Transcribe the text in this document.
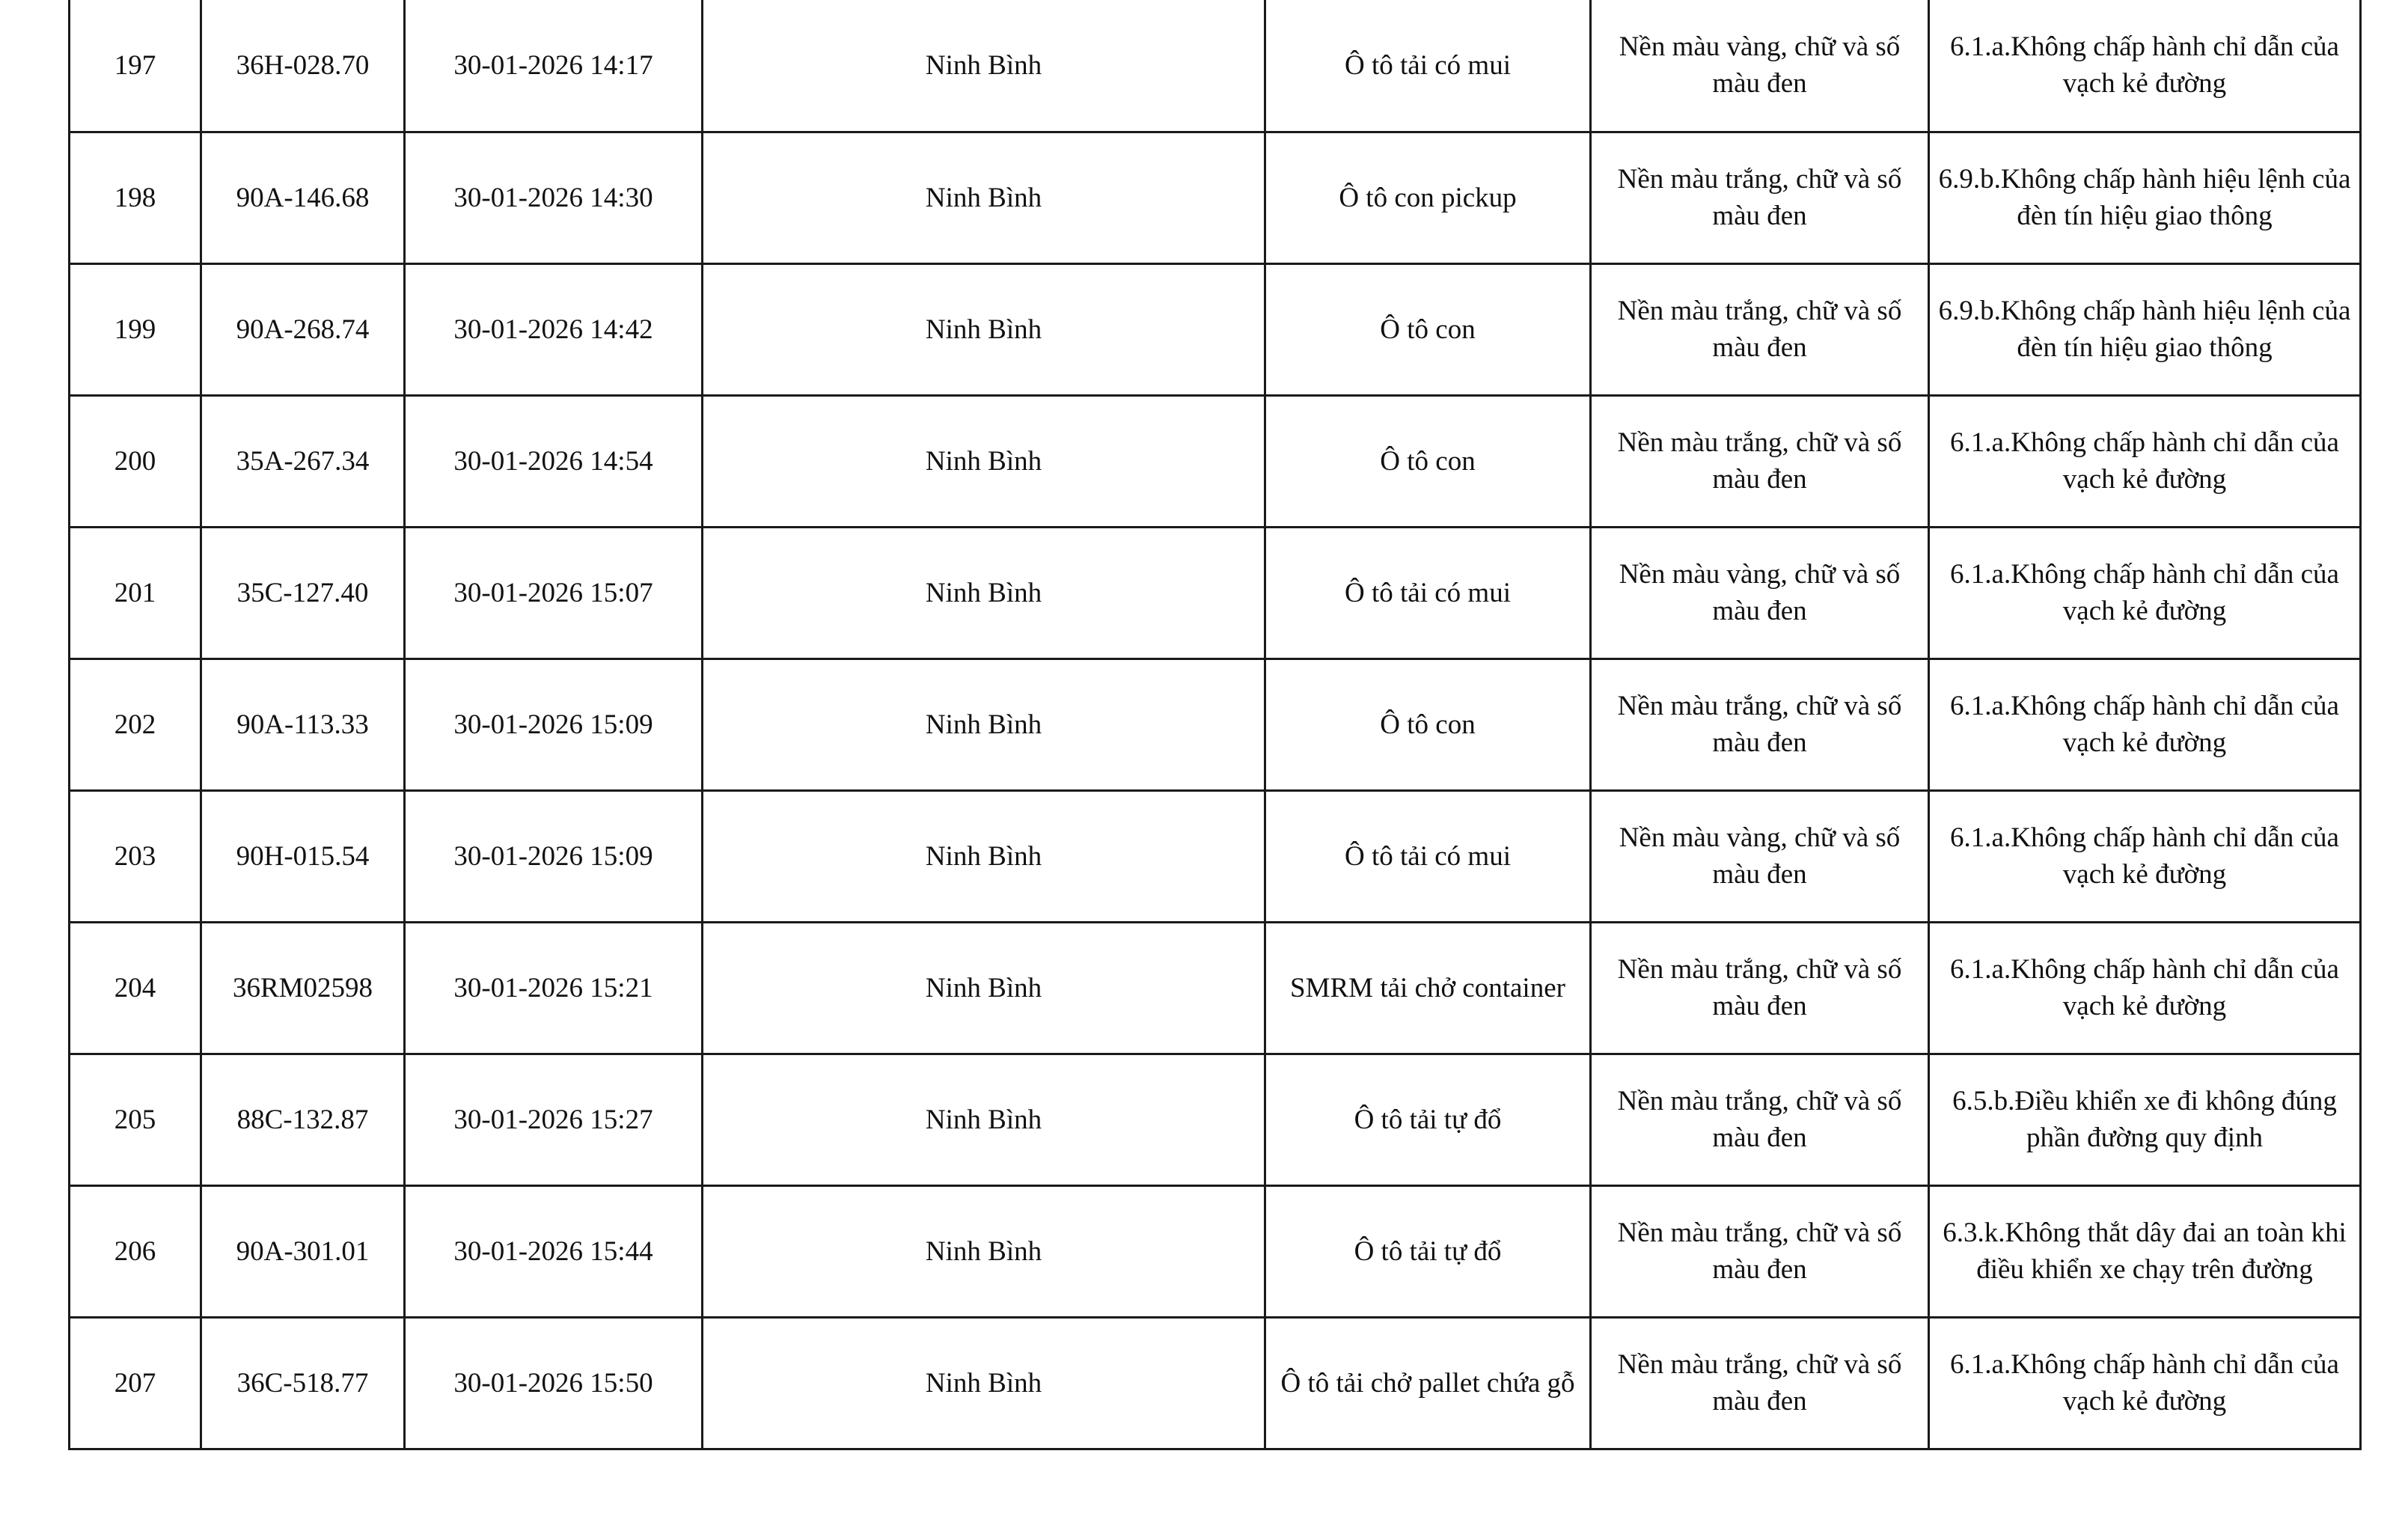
197	36H-028.70	30-01-2026 14:17	Ninh Bình	Ô tô tải có mui	Nền màu vàng, chữ và số màu đen	6.1.a.Không chấp hành chỉ dẫn của vạch kẻ đường
198	90A-146.68	30-01-2026 14:30	Ninh Bình	Ô tô con pickup	Nền màu trắng, chữ và số màu đen	6.9.b.Không chấp hành hiệu lệnh của đèn tín hiệu giao thông
199	90A-268.74	30-01-2026 14:42	Ninh Bình	Ô tô con	Nền màu trắng, chữ và số màu đen	6.9.b.Không chấp hành hiệu lệnh của đèn tín hiệu giao thông
200	35A-267.34	30-01-2026 14:54	Ninh Bình	Ô tô con	Nền màu trắng, chữ và số màu đen	6.1.a.Không chấp hành chỉ dẫn của vạch kẻ đường
201	35C-127.40	30-01-2026 15:07	Ninh Bình	Ô tô tải có mui	Nền màu vàng, chữ và số màu đen	6.1.a.Không chấp hành chỉ dẫn của vạch kẻ đường
202	90A-113.33	30-01-2026 15:09	Ninh Bình	Ô tô con	Nền màu trắng, chữ và số màu đen	6.1.a.Không chấp hành chỉ dẫn của vạch kẻ đường
203	90H-015.54	30-01-2026 15:09	Ninh Bình	Ô tô tải có mui	Nền màu vàng, chữ và số màu đen	6.1.a.Không chấp hành chỉ dẫn của vạch kẻ đường
204	36RM02598	30-01-2026 15:21	Ninh Bình	SMRM tải chở container	Nền màu trắng, chữ và số màu đen	6.1.a.Không chấp hành chỉ dẫn của vạch kẻ đường
205	88C-132.87	30-01-2026 15:27	Ninh Bình	Ô tô tải tự đổ	Nền màu trắng, chữ và số màu đen	6.5.b.Điều khiển xe đi không đúng phần đường quy định
206	90A-301.01	30-01-2026 15:44	Ninh Bình	Ô tô tải tự đổ	Nền màu trắng, chữ và số màu đen	6.3.k.Không thắt dây đai an toàn khi điều khiển xe chạy trên đường
207	36C-518.77	30-01-2026 15:50	Ninh Bình	Ô tô tải chở pallet chứa gỗ	Nền màu trắng, chữ và số màu đen	6.1.a.Không chấp hành chỉ dẫn của vạch kẻ đường
